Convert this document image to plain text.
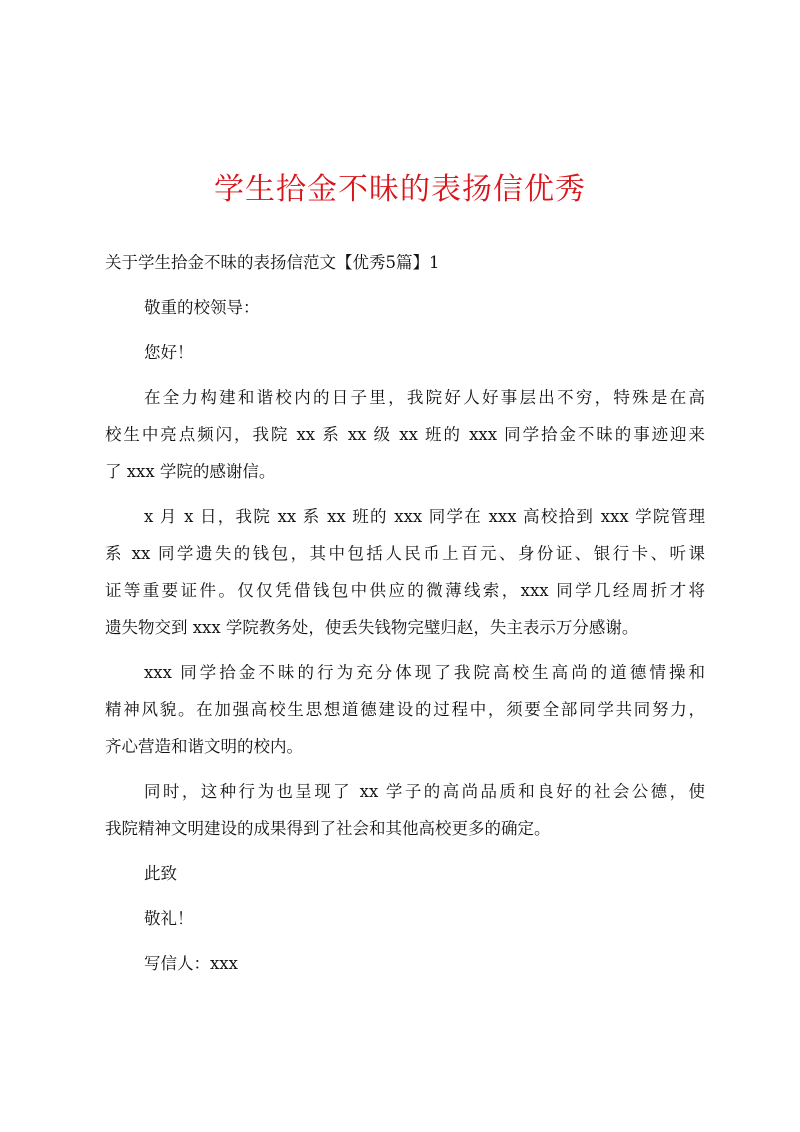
学生拾金不昧的表扬信优秀

关于学生拾金不昧的表扬信范文【优秀5篇】1

敬重的校领导：

您好！

在全力构建和谐校内的日子里，我院好人好事层出不穷，特殊是在高

校生中亮点频闪，我院 xx 系 xx 级 xx 班的 xxx 同学拾金不昧的事迹迎来

了 xxx 学院的感谢信。

x 月 x 日，我院 xx 系 xx 班的 xxx 同学在 xxx 高校拾到 xxx 学院管理

系 xx 同学遗失的钱包，其中包括人民币上百元、身份证、银行卡、听课

证等重要证件。仅仅凭借钱包中供应的微薄线索，xxx 同学几经周折才将

遗失物交到 xxx 学院教务处，使丢失钱物完璧归赵，失主表示万分感谢。

xxx 同学拾金不昧的行为充分体现了我院高校生高尚的道德情操和

精神风貌。在加强高校生思想道德建设的过程中，须要全部同学共同努力，

齐心营造和谐文明的校内。

同时，这种行为也呈现了 xx 学子的高尚品质和良好的社会公德，使

我院精神文明建设的成果得到了社会和其他高校更多的确定。

此致

敬礼！

写信人：xxx
